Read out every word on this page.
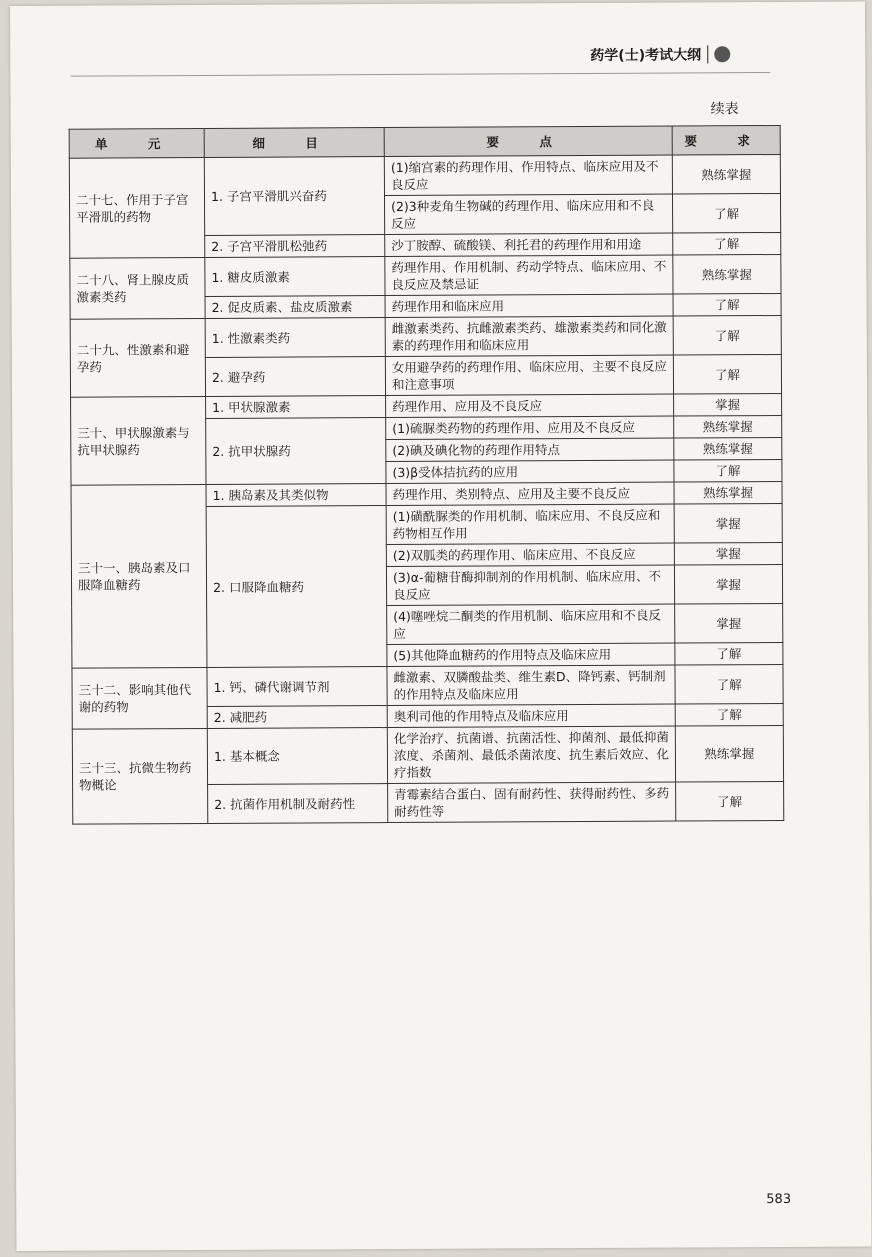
药学(士)考试大纲
续表
单 元	细 目	要 点	要 求
二十七、作用于子宫平滑肌的药物	1. 子宫平滑肌兴奋药	(1)缩宫素的药理作用、作用特点、临床应用及不良反应	熟练掌握
		(2)3种麦角生物碱的药理作用、临床应用和不良反应	了解
	2. 子宫平滑肌松弛药	沙丁胺醇、硫酸镁、利托君的药理作用和用途	了解
二十八、肾上腺皮质激素类药	1. 糖皮质激素	药理作用、作用机制、药动学特点、临床应用、不良反应及禁忌证	熟练掌握
	2. 促皮质素、盐皮质激素	药理作用和临床应用	了解
二十九、性激素和避孕药	1. 性激素类药	雌激素类药、抗雌激素类药、雄激素类药和同化激素的药理作用和临床应用	了解
	2. 避孕药	女用避孕药的药理作用、临床应用、主要不良反应和注意事项	了解
三十、甲状腺激素与抗甲状腺药	1. 甲状腺激素	药理作用、应用及不良反应	掌握
	2. 抗甲状腺药	(1)硫脲类药物的药理作用、应用及不良反应	熟练掌握
		(2)碘及碘化物的药理作用特点	熟练掌握
		(3)β受体拮抗药的应用	了解
三十一、胰岛素及口服降血糖药	1. 胰岛素及其类似物	药理作用、类别特点、应用及主要不良反应	熟练掌握
	2. 口服降血糖药	(1)磺酰脲类的作用机制、临床应用、不良反应和药物相互作用	掌握
		(2)双胍类的药理作用、临床应用、不良反应	掌握
		(3)α-葡糖苷酶抑制剂的作用机制、临床应用、不良反应	掌握
		(4)噻唑烷二酮类的作用机制、临床应用和不良反应	掌握
		(5)其他降血糖药的作用特点及临床应用	了解
三十二、影响其他代谢的药物	1. 钙、磷代谢调节剂	雌激素、双膦酸盐类、维生素D、降钙素、钙制剂的作用特点及临床应用	了解
	2. 减肥药	奥利司他的作用特点及临床应用	了解
三十三、抗微生物药物概论	1. 基本概念	化学治疗、抗菌谱、抗菌活性、抑菌剂、最低抑菌浓度、杀菌剂、最低杀菌浓度、抗生素后效应、化疗指数	熟练掌握
	2. 抗菌作用机制及耐药性	青霉素结合蛋白、固有耐药性、获得耐药性、多药耐药性等	了解
583
